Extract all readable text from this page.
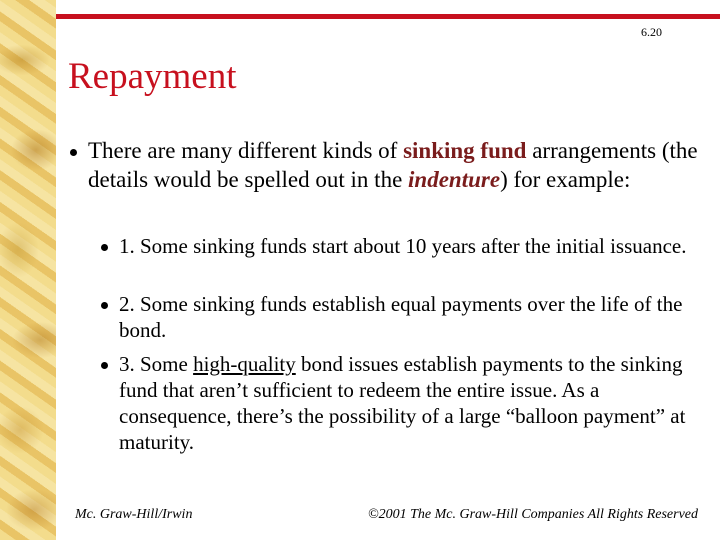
6.20
Repayment

There are many different kinds of sinking fund arrangements (the details would be spelled out in the indenture) for example:

1. Some sinking funds start about 10 years after the initial issuance.

2. Some sinking funds establish equal payments over the life of the bond.

3. Some high-quality bond issues establish payments to the sinking fund that aren’t sufficient to redeem the entire issue. As a consequence, there’s the possibility of a large “balloon payment” at maturity.

Mc. Graw-Hill/Irwin	©2001 The Mc. Graw-Hill Companies All Rights Reserved
